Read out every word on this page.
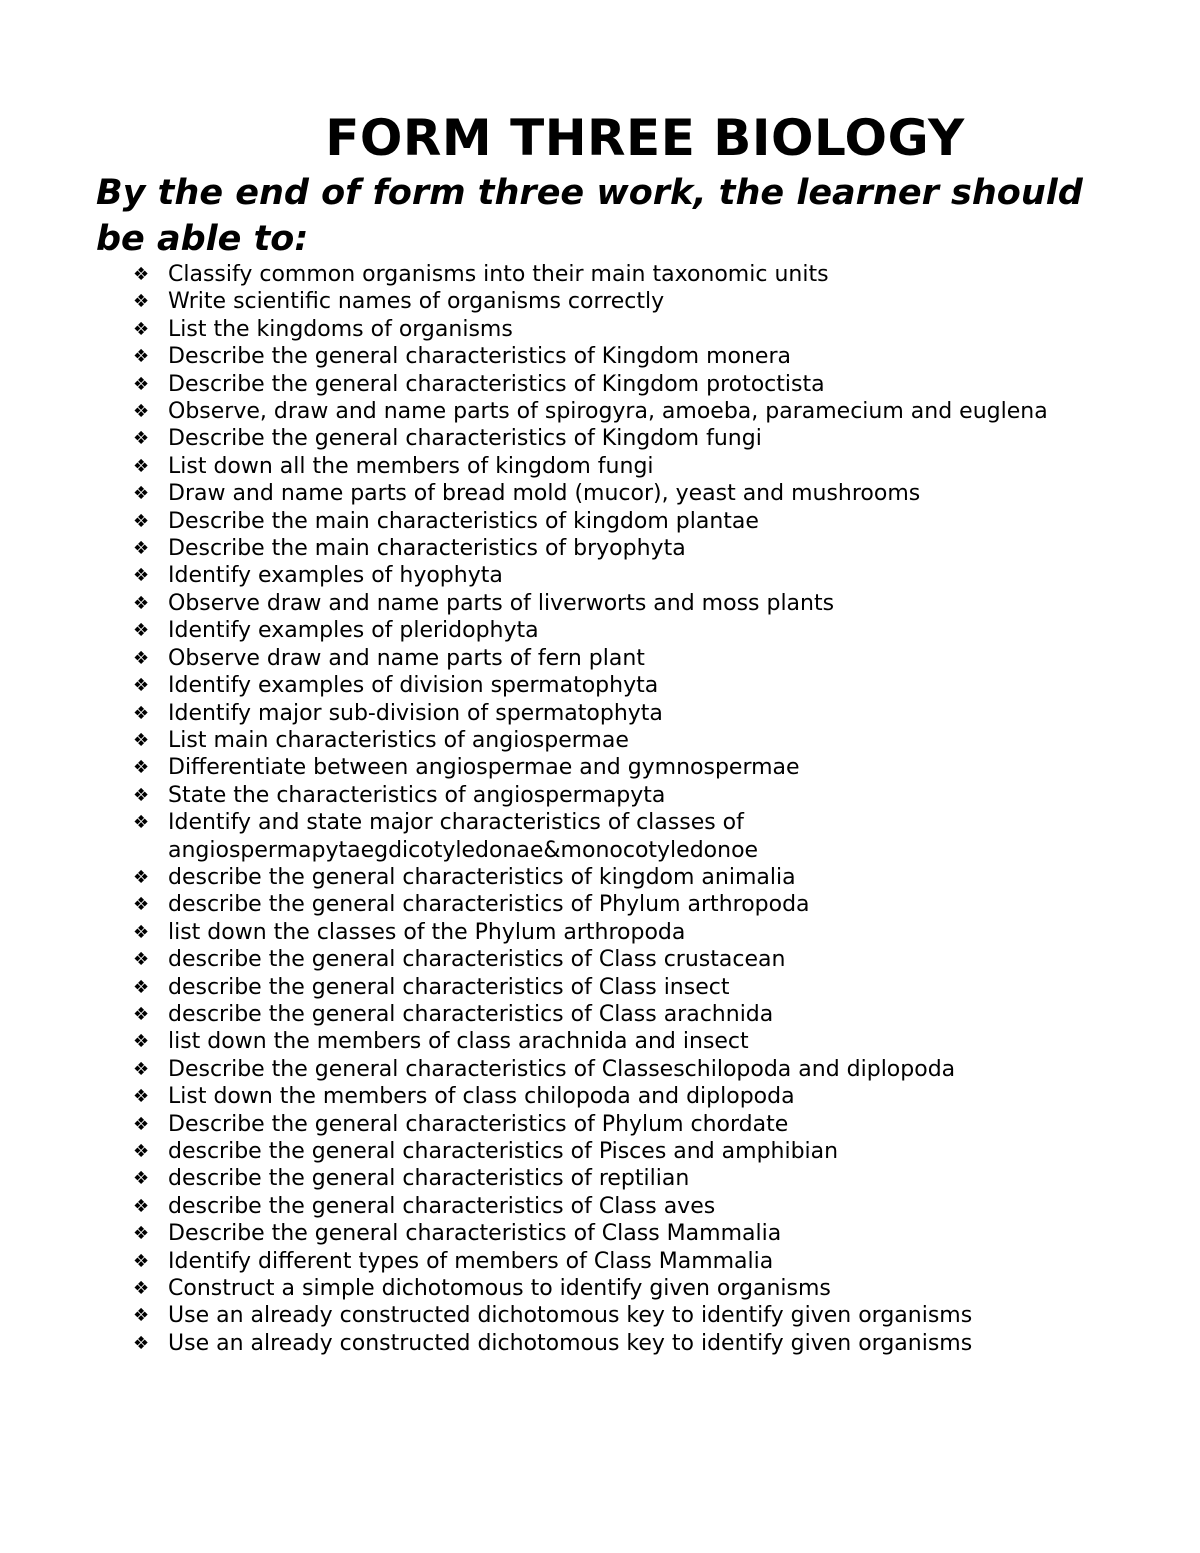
FORM THREE BIOLOGY
By the end of form three work, the learner should be able to:
❖ Classify common organisms into their main taxonomic units
❖ Write scientific names of organisms correctly
❖ List the kingdoms of organisms
❖ Describe the general characteristics of Kingdom monera
❖ Describe the general characteristics of Kingdom protoctista
❖ Observe, draw and name parts of spirogyra, amoeba, paramecium and euglena
❖ Describe the general characteristics of Kingdom fungi
❖ List down all the members of kingdom fungi
❖ Draw and name parts of bread mold (mucor), yeast and mushrooms
❖ Describe the main characteristics of kingdom plantae
❖ Describe the main characteristics of bryophyta
❖ Identify examples of hyophyta
❖ Observe draw and name parts of liverworts and moss plants
❖ Identify examples of pleridophyta
❖ Observe draw and name parts of fern plant
❖ Identify examples of division spermatophyta
❖ Identify major sub-division of spermatophyta
❖ List main characteristics of angiospermae
❖ Differentiate between angiospermae and gymnospermae
❖ State the characteristics of angiospermapyta
❖ Identify and state major characteristics of classes of
angiospermapytaegdicotyledonae&monocotyledonoe
❖ describe the general characteristics of kingdom animalia
❖ describe the general characteristics of Phylum arthropoda
❖ list down the classes of the Phylum arthropoda
❖ describe the general characteristics of Class crustacean
❖ describe the general characteristics of Class insect
❖ describe the general characteristics of Class arachnida
❖ list down the members of class arachnida and insect
❖ Describe the general characteristics of Classeschilopoda and diplopoda
❖ List down the members of class chilopoda and diplopoda
❖ Describe the general characteristics of Phylum chordate
❖ describe the general characteristics of Pisces and amphibian
❖ describe the general characteristics of reptilian
❖ describe the general characteristics of Class aves
❖ Describe the general characteristics of Class Mammalia
❖ Identify different types of members of Class Mammalia
❖ Construct a simple dichotomous to identify given organisms
❖ Use an already constructed dichotomous key to identify given organisms
❖ Use an already constructed dichotomous key to identify given organisms
